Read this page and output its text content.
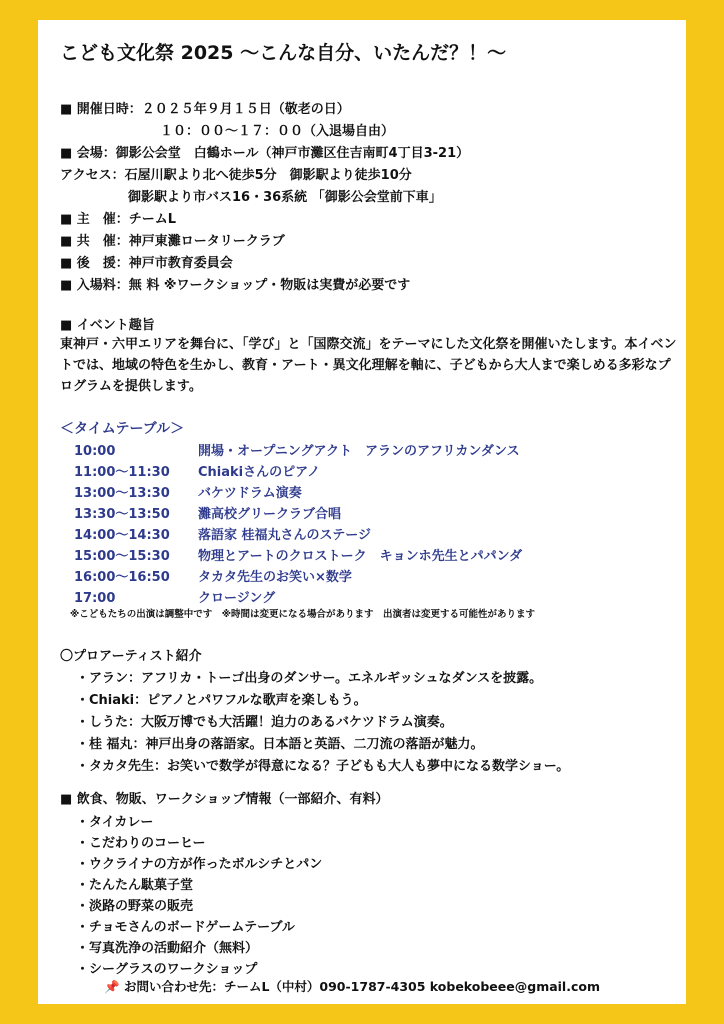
こども文化祭 2025 〜こんな自分、いたんだ？！〜
■ 開催日時：２０２５年９月１５日（敬老の日）
１０：００〜１７：００（入退場自由）
■ 会場：御影公会堂　白鶴ホール（神戸市灘区住吉南町4丁目3-21）
アクセス：石屋川駅より北へ徒歩5分　御影駅より徒歩10分
御影駅より市バス16・36系統 「御影公会堂前下車」
■ 主　催：チームL
■ 共　催：神戸東灘ロータリークラブ
■ 後　援：神戸市教育委員会
■ 入場料：無 料 ※ワークショップ・物販は実費が必要です
■ イベント趣旨
東神戸・六甲エリアを舞台に、「学び」と「国際交流」をテーマにした文化祭を開催いたします。本イベントでは、地域の特色を生かし、教育・アート・異文化理解を軸に、子どもから大人まで楽しめる多彩なプログラムを提供します。
＜タイムテーブル＞
10:00	開場・オープニングアクト　アランのアフリカンダンス
11:00〜11:30 Chiakiさんのピアノ
13:00〜13:30 バケツドラム演奏
13:30〜13:50 灘高校グリークラブ合唱
14:00〜14:30 落語家 桂福丸さんのステージ
15:00〜15:30 物理とアートのクロストーク　キョンホ先生とパパンダ
16:00〜16:50 タカタ先生のお笑い×数学
17:00	クロージング
※こどもたちの出演は調整中です　※時間は変更になる場合があります　出演者は変更する可能性があります
〇プロアーティスト紹介
・アラン：アフリカ・トーゴ出身のダンサー。エネルギッシュなダンスを披露。
・Chiaki：ピアノとパワフルな歌声を楽しもう。
・しうた：大阪万博でも大活躍！迫力のあるバケツドラム演奏。
・桂 福丸：神戸出身の落語家。日本語と英語、二刀流の落語が魅力。
・タカタ先生：お笑いで数学が得意になる？子どもも大人も夢中になる数学ショー。
■ 飲食、物販、ワークショップ情報（一部紹介、有料）
・タイカレー
・こだわりのコーヒー
・ウクライナの方が作ったボルシチとパン
・たんたん駄菓子堂
・淡路の野菜の販売
・チョモさんのボードゲームテーブル
・写真洗浄の活動紹介（無料）
・シーグラスのワークショップ
📌 お問い合わせ先：チームL（中村）090-1787-4305 kobekobeee@gmail.com
